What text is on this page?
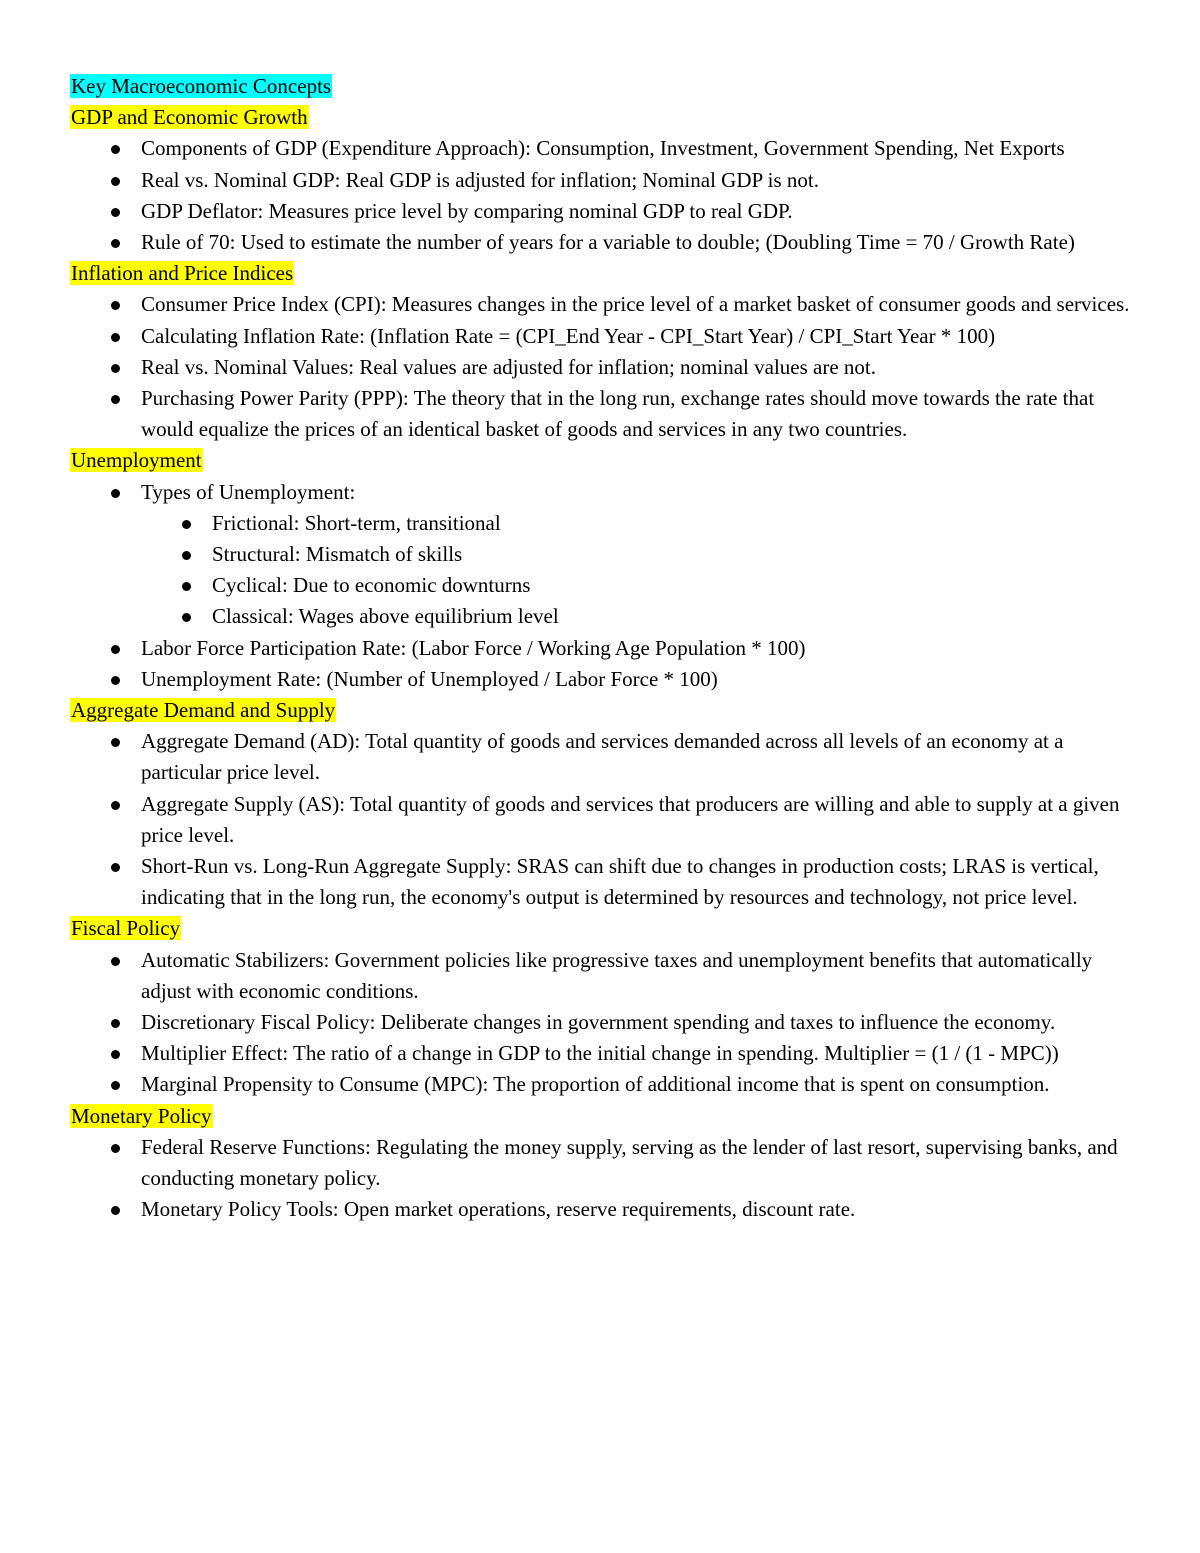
Key Macroeconomic Concepts
GDP and Economic Growth
Components of GDP (Expenditure Approach): Consumption, Investment, Government Spending, Net Exports
Real vs. Nominal GDP: Real GDP is adjusted for inflation; Nominal GDP is not.
GDP Deflator: Measures price level by comparing nominal GDP to real GDP.
Rule of 70: Used to estimate the number of years for a variable to double; (Doubling Time = 70 / Growth Rate)
Inflation and Price Indices
Consumer Price Index (CPI): Measures changes in the price level of a market basket of consumer goods and services.
Calculating Inflation Rate: (Inflation Rate = (CPI_End Year - CPI_Start Year) / CPI_Start Year * 100)
Real vs. Nominal Values: Real values are adjusted for inflation; nominal values are not.
Purchasing Power Parity (PPP): The theory that in the long run, exchange rates should move towards the rate that would equalize the prices of an identical basket of goods and services in any two countries.
Unemployment
Types of Unemployment:
Frictional: Short-term, transitional
Structural: Mismatch of skills
Cyclical: Due to economic downturns
Classical: Wages above equilibrium level
Labor Force Participation Rate: (Labor Force / Working Age Population * 100)
Unemployment Rate: (Number of Unemployed / Labor Force * 100)
Aggregate Demand and Supply
Aggregate Demand (AD): Total quantity of goods and services demanded across all levels of an economy at a particular price level.
Aggregate Supply (AS): Total quantity of goods and services that producers are willing and able to supply at a given price level.
Short-Run vs. Long-Run Aggregate Supply: SRAS can shift due to changes in production costs; LRAS is vertical, indicating that in the long run, the economy's output is determined by resources and technology, not price level.
Fiscal Policy
Automatic Stabilizers: Government policies like progressive taxes and unemployment benefits that automatically adjust with economic conditions.
Discretionary Fiscal Policy: Deliberate changes in government spending and taxes to influence the economy.
Multiplier Effect: The ratio of a change in GDP to the initial change in spending. Multiplier = (1 / (1 - MPC))
Marginal Propensity to Consume (MPC): The proportion of additional income that is spent on consumption.
Monetary Policy
Federal Reserve Functions: Regulating the money supply, serving as the lender of last resort, supervising banks, and conducting monetary policy.
Monetary Policy Tools: Open market operations, reserve requirements, discount rate.
